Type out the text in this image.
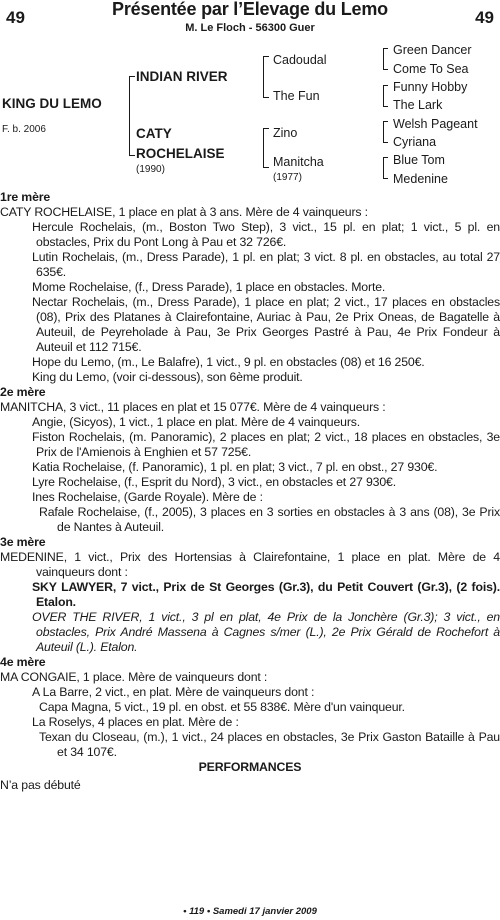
49	Présentée par l’Elevage du Lemo	49
M. Le Floch - 56300 Guer
KING DU LEMO
F. b. 2006
INDIAN RIVER
CATY
ROCHELAISE
(1990)
Cadoudal
The Fun
Zino
Manitcha
(1977)
Green Dancer
Come To Sea
Funny Hobby
The Lark
Welsh Pageant
Cyriana
Blue Tom
Medenine

1re mère

CATY ROCHELAISE, 1 place en plat à 3 ans. Mère de 4 vainqueurs :

Hercule Rochelais, (m., Boston Two Step), 3 vict., 15 pl. en plat; 1 vict., 5 pl. en obstacles, Prix du Pont Long à Pau et 32 726€.

Lutin Rochelais, (m., Dress Parade), 1 pl. en plat; 3 vict. 8 pl. en obstacles, au total 27 635€.

Mome Rochelaise, (f., Dress Parade), 1 place en obstacles. Morte.

Nectar Rochelais, (m., Dress Parade), 1 place en plat; 2 vict., 17 places en obstacles (08), Prix des Platanes à Clairefontaine, Auriac à Pau, 2e Prix Oneas, de Bagatelle à Auteuil, de Peyreholade à Pau, 3e Prix Georges Pastré à Pau, 4e Prix Fondeur à Auteuil et 112 715€.

Hope du Lemo, (m., Le Balafre), 1 vict., 9 pl. en obstacles (08) et 16 250€.

King du Lemo, (voir ci-dessous), son 6ème produit.

2e mère

MANITCHA, 3 vict., 11 places en plat et 15 077€. Mère de 4 vainqueurs :

Angie, (Sicyos), 1 vict., 1 place en plat. Mère de 4 vainqueurs.

Fiston Rochelais, (m. Panoramic), 2 places en plat; 2 vict., 18 places en obstacles, 3e Prix de l'Amienois à Enghien et 57 725€.

Katia Rochelaise, (f. Panoramic), 1 pl. en plat; 3 vict., 7 pl. en obst., 27 930€.

Lyre Rochelaise, (f., Esprit du Nord), 3 vict., en obstacles et 27 930€.

Ines Rochelaise, (Garde Royale). Mère de :

Rafale Rochelaise, (f., 2005), 3 places en 3 sorties en obstacles à 3 ans (08), 3e Prix de Nantes à Auteuil.

3e mère

MEDENINE, 1 vict., Prix des Hortensias à Clairefontaine, 1 place en plat. Mère de 4 vainqueurs dont :

SKY LAWYER, 7 vict., Prix de St Georges (Gr.3), du Petit Couvert (Gr.3), (2 fois). Etalon.

OVER THE RIVER, 1 vict., 3 pl en plat, 4e Prix de la Jonchère (Gr.3); 3 vict., en obstacles, Prix André Massena à Cagnes s/mer (L.), 2e Prix Gérald de Rochefort à Auteuil (L.). Etalon.

4e mère

MA CONGAIE, 1 place. Mère de vainqueurs dont :

A La Barre, 2 vict., en plat. Mère de vainqueurs dont :

Capa Magna, 5 vict., 19 pl. en obst. et 55 838€. Mère d'un vainqueur.

La Roselys, 4 places en plat. Mère de :

Texan du Closeau, (m.), 1 vict., 24 places en obstacles, 3e Prix Gaston Bataille à Pau et 34 107€.

PERFORMANCES

N’a pas débuté

• 119 • Samedi 17 janvier 2009
